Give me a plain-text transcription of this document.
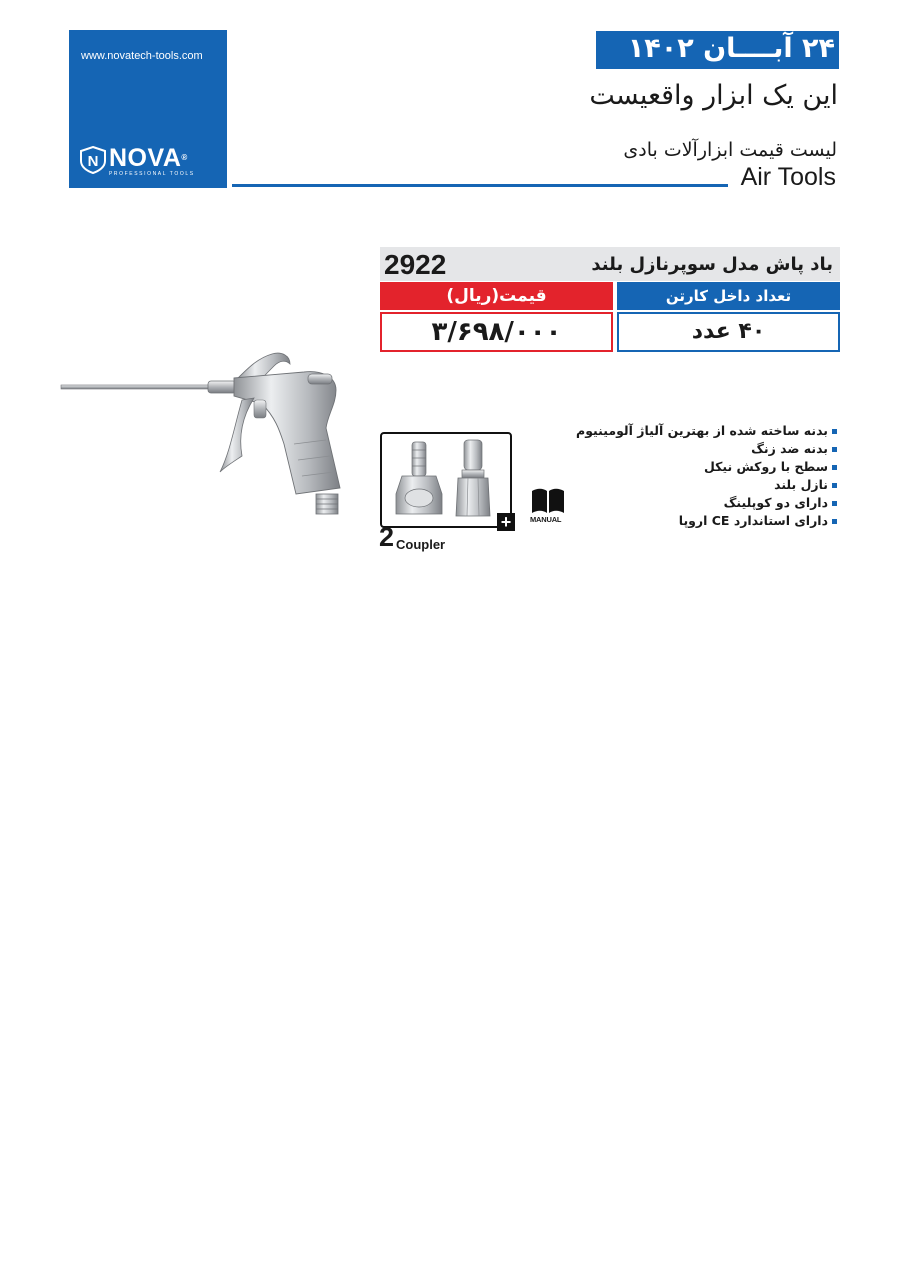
www.novatech-tools.com
N NOVA®
PROFESSIONAL TOOLS
۲۴ آبــــان ۱۴۰۲
این یک ابزار واقعیست
لیست قیمت ابزارآلات بادی
Air Tools
باد پاش مدل سوپرنازل بلند
2922
قیمت(ریال)	تعداد داخل کارتن
۳/۶۹۸/۰۰۰	۴۰ عدد
+
2 Coupler
MANUAL
بدنه ساخته شده از بهترین آلیاژ آلومینیوم
بدنه ضد زنگ
سطح با روکش نیکل
نازل بلند
دارای دو کوپلینگ
دارای استاندارد CE اروپا
